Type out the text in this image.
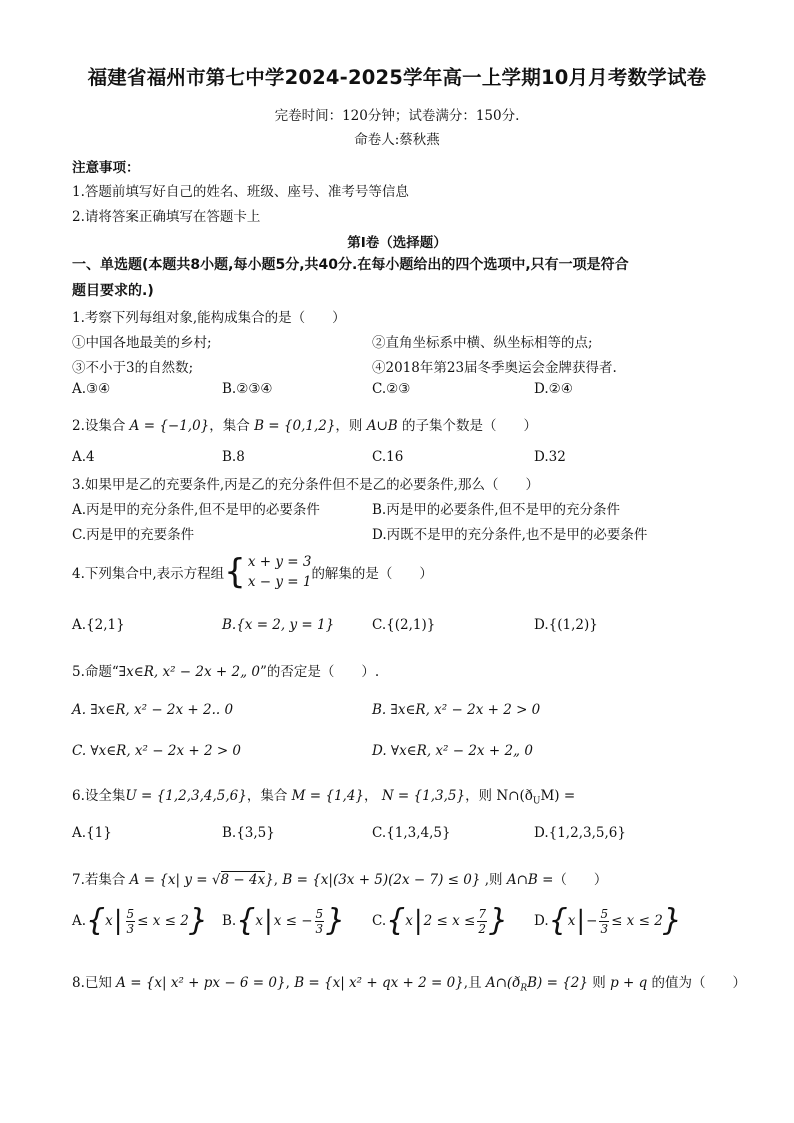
福建省福州市第七中学2024-2025学年高一上学期10月月考数学试卷
完卷时间：120分钟；试卷满分：150分.
命卷人:蔡秋燕
注意事项：
1.答题前填写好自己的姓名、班级、座号、准考号等信息
2.请将答案正确填写在答题卡上
第I卷（选择题）
一、单选题(本题共8小题,每小题5分,共40分.在每小题给出的四个选项中,只有一项是符合
题目要求的.)
1.考察下列每组对象,能构成集合的是（　　）
①中国各地最美的乡村;	②直角坐标系中横、纵坐标相等的点;
③不小于3的自然数;	④2018年第23届冬季奥运会金牌获得者.
A.③④	B.②③④	C.②③	D.②④
2.设集合 A = {−1,0}，集合 B = {0,1,2}，则 A∪B 的子集个数是（　　）
A.4	B.8	C.16	D.32
3.如果甲是乙的充要条件,丙是乙的充分条件但不是乙的必要条件,那么（　　）
A.丙是甲的充分条件,但不是甲的必要条件	B.丙是甲的必要条件,但不是甲的充分条件
C.丙是甲的充要条件	D.丙既不是甲的充分条件,也不是甲的必要条件
4.下列集合中,表示方程组 { x + y = 3
x − y = 1 的解集的是（　　）
A.{2,1}	B.{x = 2, y = 1}	C.{(2,1)}	D.{(1,2)}
5.命题“∃x∈R, x² − 2x + 2„ 0”的否定是（　　）.
A. ∃x∈R, x² − 2x + 2.. 0	B. ∃x∈R, x² − 2x + 2 > 0
C. ∀x∈R, x² − 2x + 2 > 0	D. ∀x∈R, x² − 2x + 2„ 0
6.设全集U = {1,2,3,4,5,6}，集合 M = {1,4}， N = {1,3,5}，则 $N\cap(ð_UM)$ =
A.{1}	B.{3,5}	C.{1,3,4,5}	D.{1,2,3,5,6}
7.若集合 A = {x| y = √8 − 4x}, B = {x|(3x + 5)(2x − 7) ≤ 0} ,则 A∩B =（　　）
A. { x | $\frac{5}{3} \le x \le 2$ } B. { x | x ≤ − $\frac{5}{3}$ } C. { x | $2 \le x \le \frac{7}{2}$ } D. { x | − $\frac{5}{3} \le x \le 2$ }
8.已知 A = {x| x² + px − 6 = 0}, B = {x| x² + qx + 2 = 0},且 $A\cap(ð_RB) = \{2\}$ 则 p + q 的值为（　　）
